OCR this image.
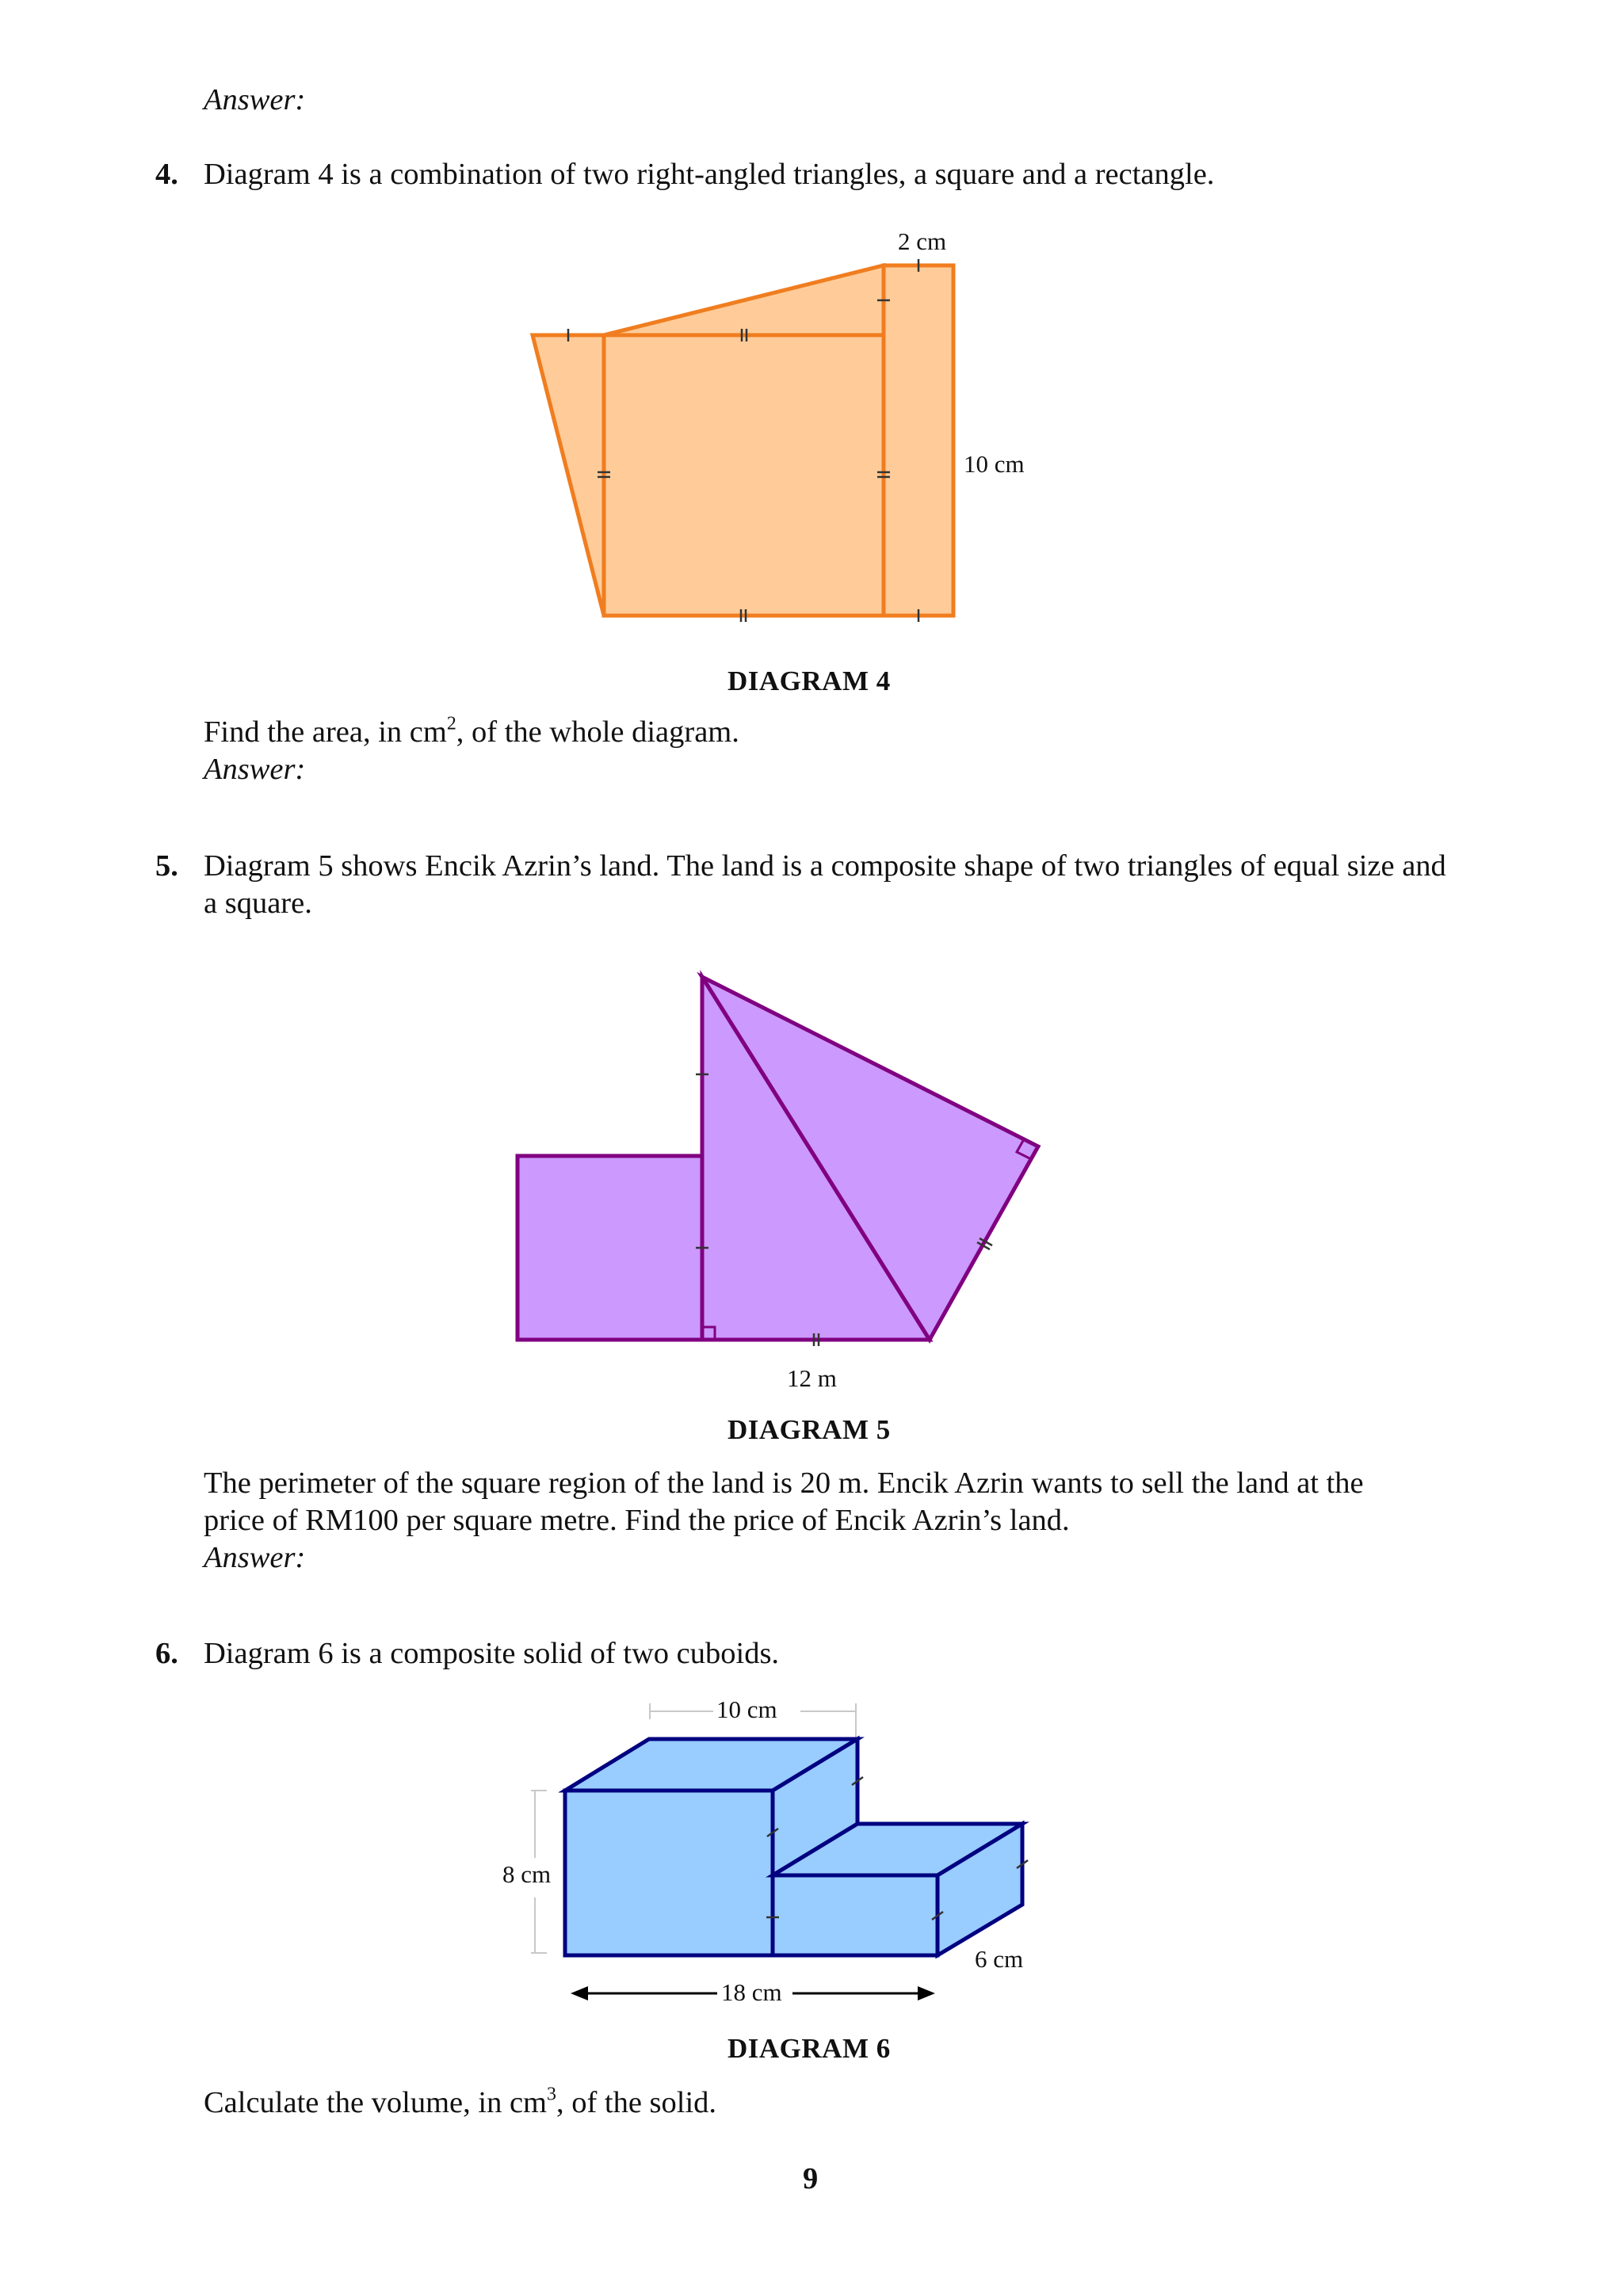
Answer:
4. Diagram 4 is a combination of two right-angled triangles, a square and a rectangle.
2 cm
10 cm
DIAGRAM 4
Find the area, in $cm^2$, of the whole diagram.
Answer:
5. Diagram 5 shows Encik Azrin’s land. The land is a composite shape of two triangles of equal size and
a square.
12 m
DIAGRAM 5
The perimeter of the square region of the land is 20 m. Encik Azrin wants to sell the land at the
price of RM100 per square metre. Find the price of Encik Azrin’s land.
Answer:
6. Diagram 6 is a composite solid of two cuboids.
10 cm
8 cm
18 cm
6 cm
DIAGRAM 6
Calculate the volume, in $cm^3$, of the solid.
9
